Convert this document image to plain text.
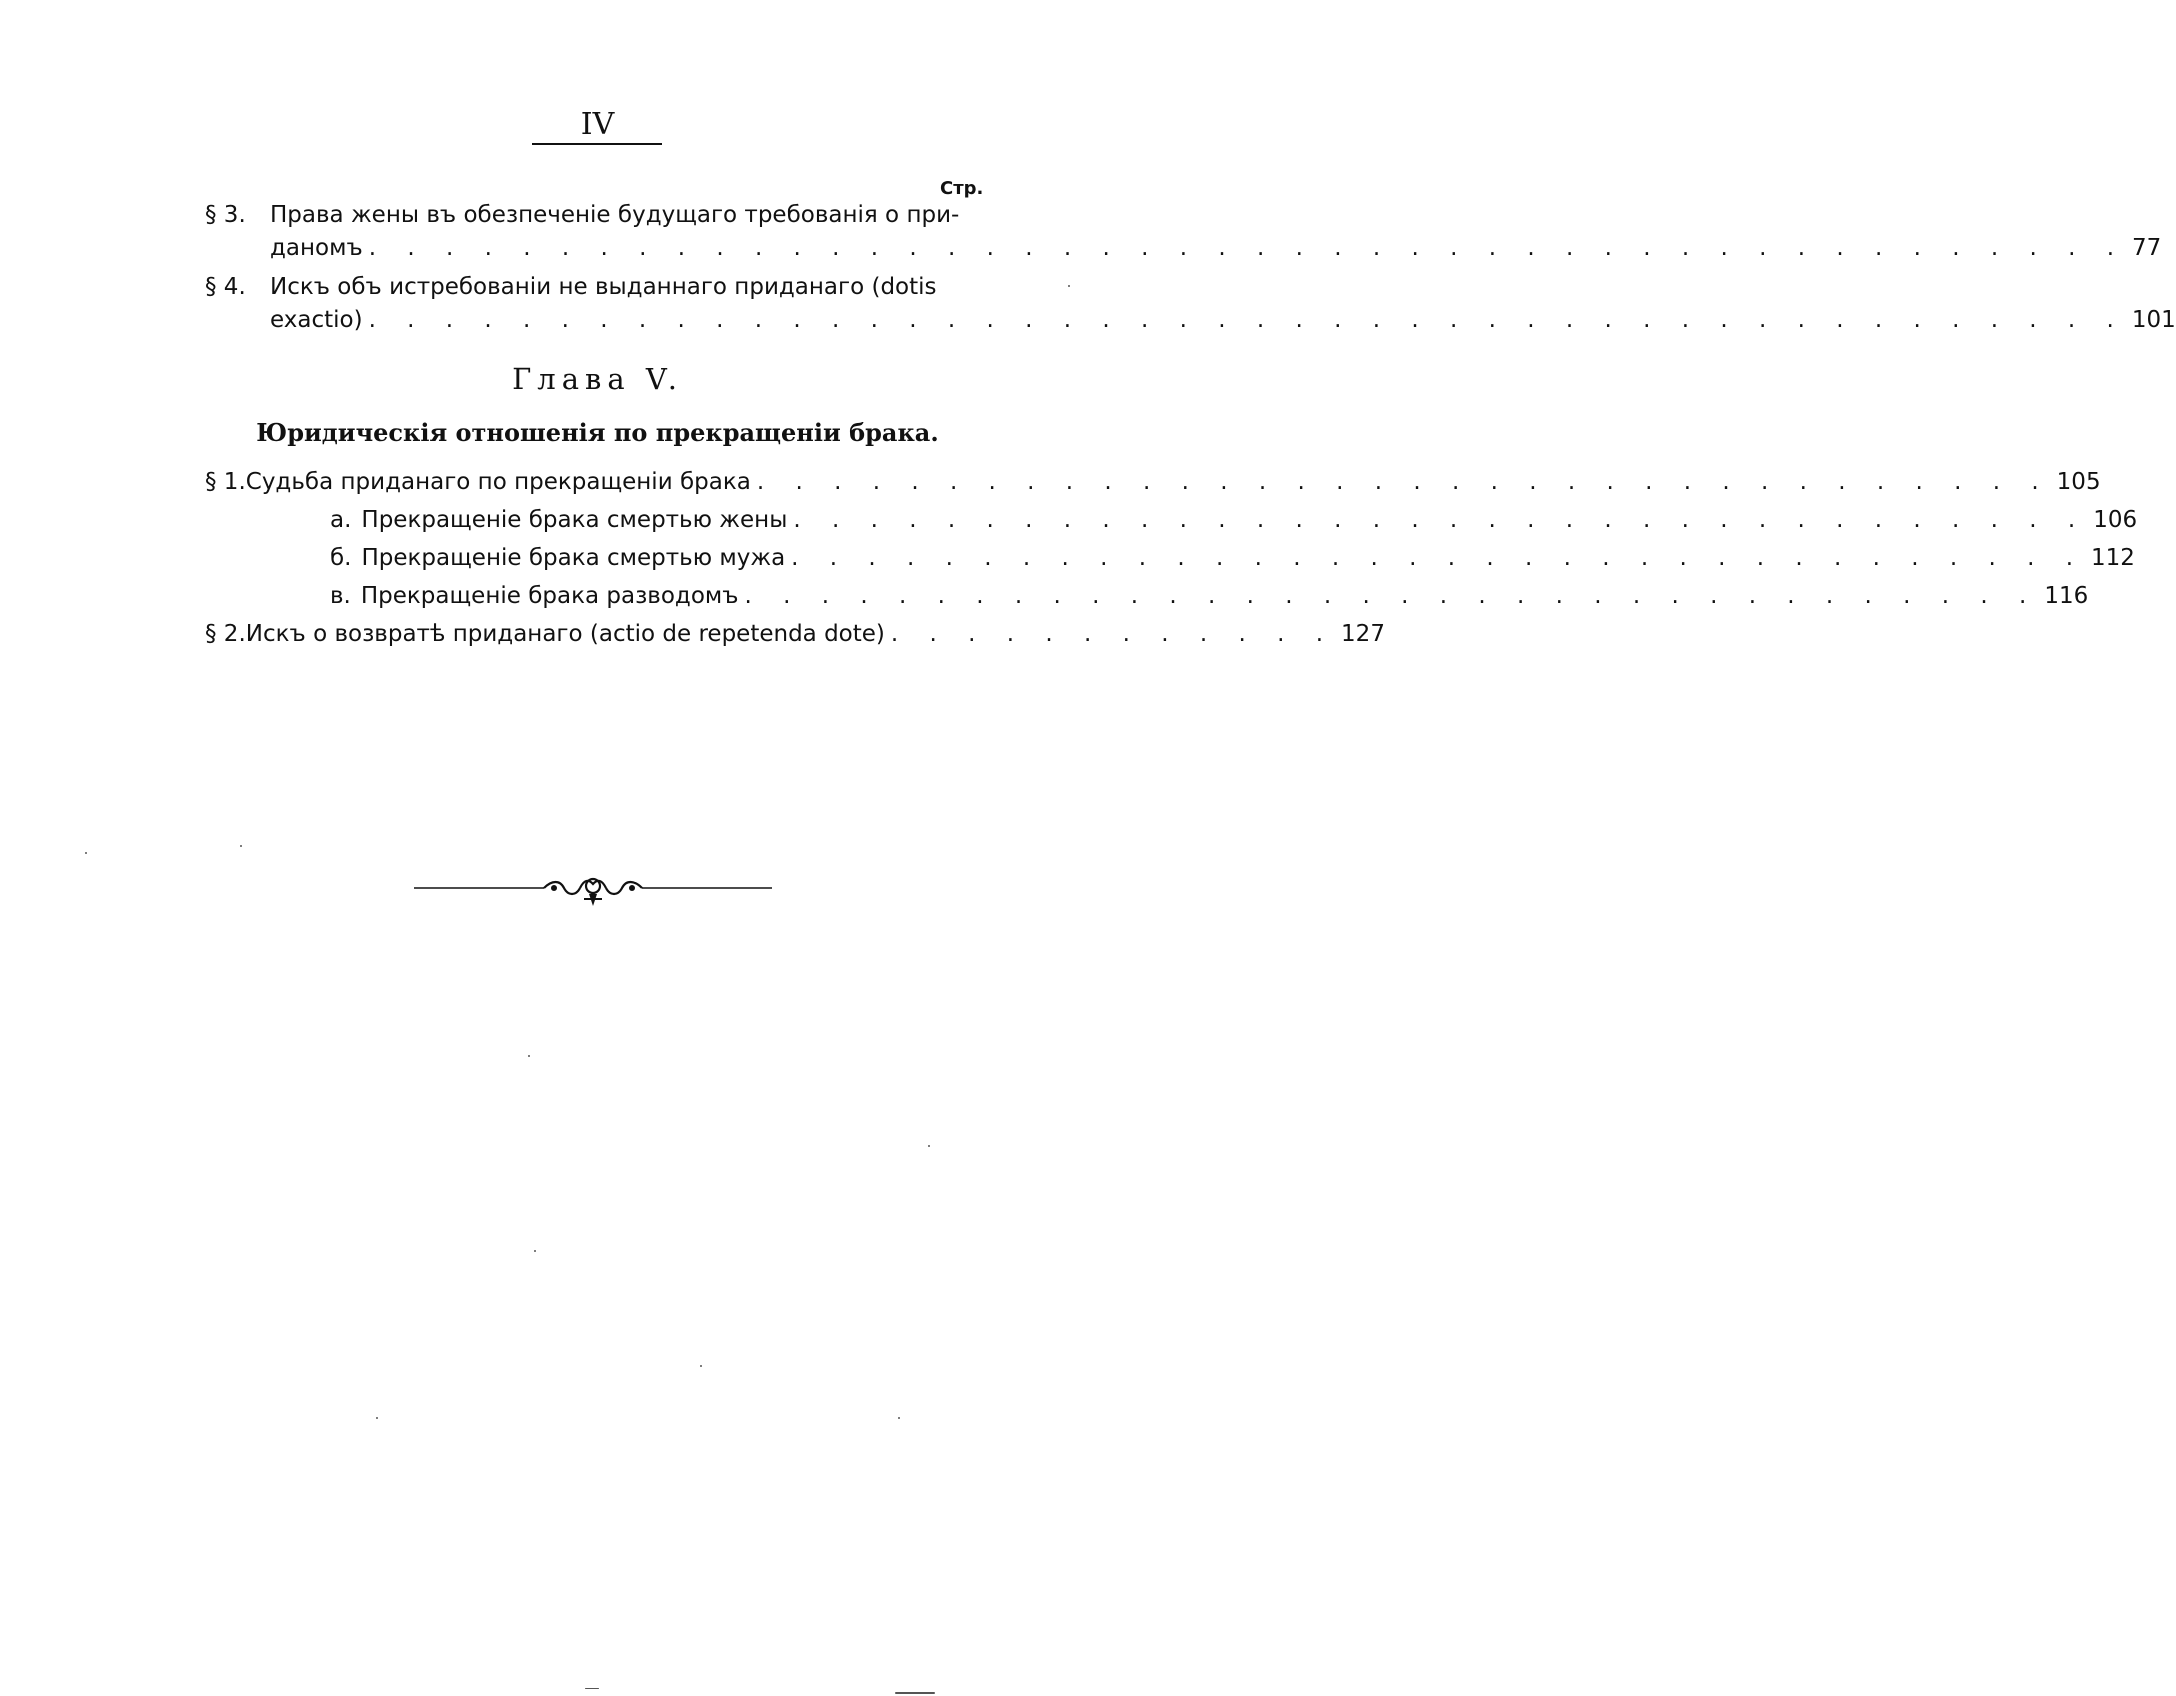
IV
Стр.
§ 3. Права жены въ обезпеченіе будущаго требованія о при-
даномъ . . . . . . . . . . . . . . . . . . . . . . . . . . . . . . . . . . . . . . . . . . . . . . 77
§ 4. Искъ объ истребованіи не выданнаго приданаго (dotis
exactio) . . . . . . . . . . . . . . . . . . . . . . . . . . . . . . . . . . . . . . . . . . . . . . 101
Глава V.
Юридическія отношенія по прекращеніи брака.
§ 1. Судьба приданаго по прекращеніи брака . . . . . . . . . . . . . . . . . . . . . . . . . . . . . . . . . . 105
а. Прекращеніе брака смертью жены . . . . . . . . . . . . . . . . . . . . . . . . . . . . . . . . . . 106
б. Прекращеніе брака смертью мужа . . . . . . . . . . . . . . . . . . . . . . . . . . . . . . . . . . 112
в. Прекращеніе брака разводомъ . . . . . . . . . . . . . . . . . . . . . . . . . . . . . . . . . . 116
§ 2. Искъ о возвратѣ приданаго (actio de repetenda dote) . . . . . . . . . . . . 127
